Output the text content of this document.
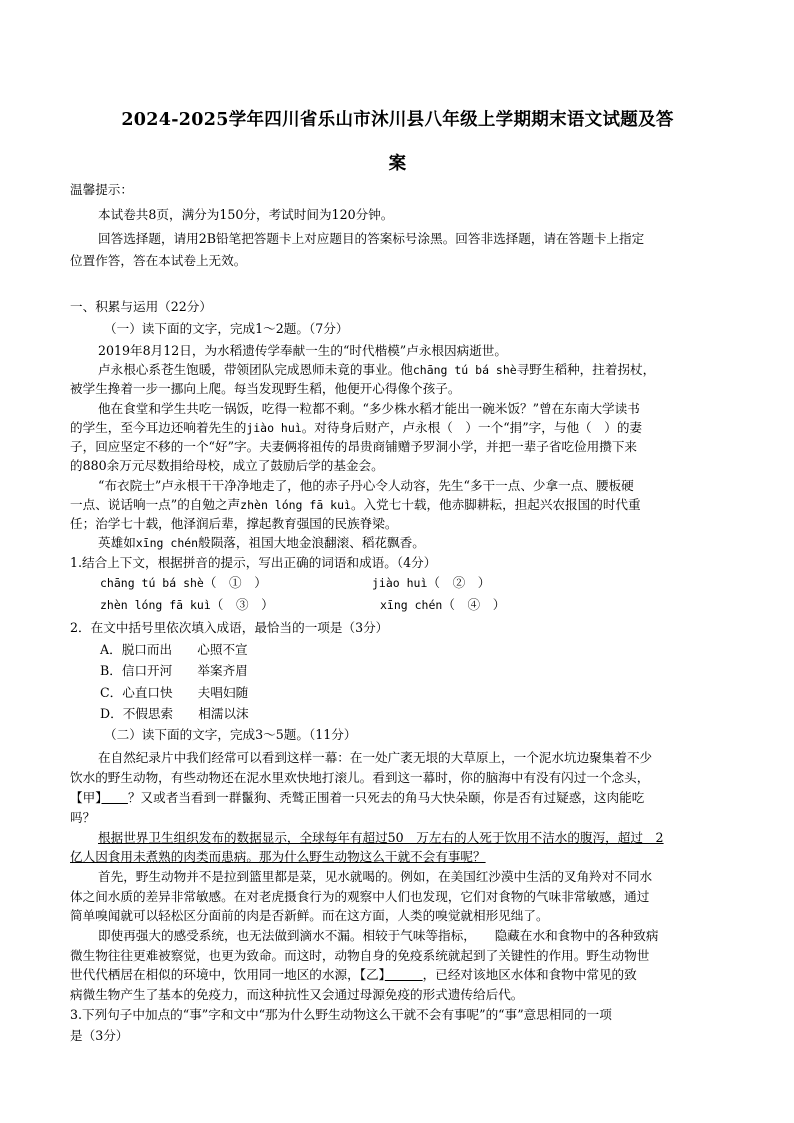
2024-2025学年四川省乐山市沐川县八年级上学期期末语文试题及答
案
温馨提示：
本试卷共8页，满分为150分，考试时间为120分钟。
回答选择题，请用2B铅笔把答题卡上对应题目的答案标号涂黑。回答非选择题，请在答题卡上指定
位置作答，答在本试卷上无效。
一、积累与运用（22分）
（一）读下面的文字，完成1～2题。（7分）
2019年8月12日，为水稻遗传学奉献一生的“时代楷模”卢永根因病逝世。
卢永根心系苍生饱暖，带领团队完成恩师未竟的事业。他chāng tú bá shè寻野生稻种，拄着拐杖，
被学生搀着一步一挪向上爬。每当发现野生稻，他便开心得像个孩子。
他在食堂和学生共吃一锅饭，吃得一粒都不剩。“多少株水稻才能出一碗米饭？”曾在东南大学读书
的学生，至今耳边还响着先生的jiào huì。对待身后财产，卢永根（　）一个“捐”字，与他（　）的妻
子，回应坚定不移的一个“好”字。夫妻俩将祖传的昂贵商铺赠予罗洞小学，并把一辈子省吃俭用攒下来
的880余万元尽数捐给母校，成立了鼓励后学的基金会。
“布衣院士”卢永根干干净净地走了，他的赤子丹心令人动容，先生“多干一点、少拿一点、腰板硬
一点、说话响一点”的自勉之声zhèn lóng fā kuì。入党七十载，他赤脚耕耘，担起兴农报国的时代重
任；治学七十载，他泽润后辈，撑起教育强国的民族脊梁。
英雄如xīng chén般陨落，祖国大地金浪翻滚、稻花飘香。
1.结合上下文，根据拼音的提示，写出正确的词语和成语。（4分）
chāng tú bá shè（　①　）	jiào huì（　②　）
zhèn lóng fā kuì（　③　）	xīng chén（　④　）
2．在文中括号里依次填入成语，最恰当的一项是（3分）
A．脱口而出　　心照不宣
B．信口开河　　举案齐眉
C．心直口快　　夫唱妇随
D．不假思索　　相濡以沫
（二）读下面的文字，完成3～5题。（11分）
在自然纪录片中我们经常可以看到这样一幕：在一处广袤无垠的大草原上，一个泥水坑边聚集着不少
饮水的野生动物，有些动物还在泥水里欢快地打滚儿。看到这一幕时，你的脑海中有没有闪过一个念头，
【甲】　　  ？又或者当看到一群鬣狗、秃鹫正围着一只死去的角马大快朵颐，你是否有过疑惑，这肉能吃
吗？
根据世界卫生组织发布的数据显示，全球每年有超过50　万左右的人死于饮用不洁水的腹泻，超过　2
亿人因食用未煮熟的肉类而患病。那为什么野生动物这么干就不会有事呢？
首先，野生动物并不是拉到篮里都是菜，见水就喝的。例如，在美国红沙漠中生活的叉角羚对不同水
体之间水质的差异非常敏感。在对老虎摄食行为的观察中人们也发现，它们对食物的气味非常敏感，通过
简单嗅闻就可以轻松区分面前的肉是否新鲜。而在这方面，人类的嗅觉就相形见绌了。
即使再强大的感受系统，也无法做到滴水不漏。相较于气味等指标，　　隐藏在水和食物中的各种致病
微生物往往更难被察觉，也更为致命。而这时，动物自身的免疫系统就起到了关键性的作用。野生动物世
世代代栖居在相似的环境中，饮用同一地区的水源，【乙】　　　	，已经对该地区水体和食物中常见的致
病微生物产生了基本的免疫力，而这种抗性又会通过母源免疫的形式遗传给后代。
3.下列句子中加点的“事”字和文中“那为什么野生动物这么干就不会有事呢”的“事”意思相同的一项
是（3分）
